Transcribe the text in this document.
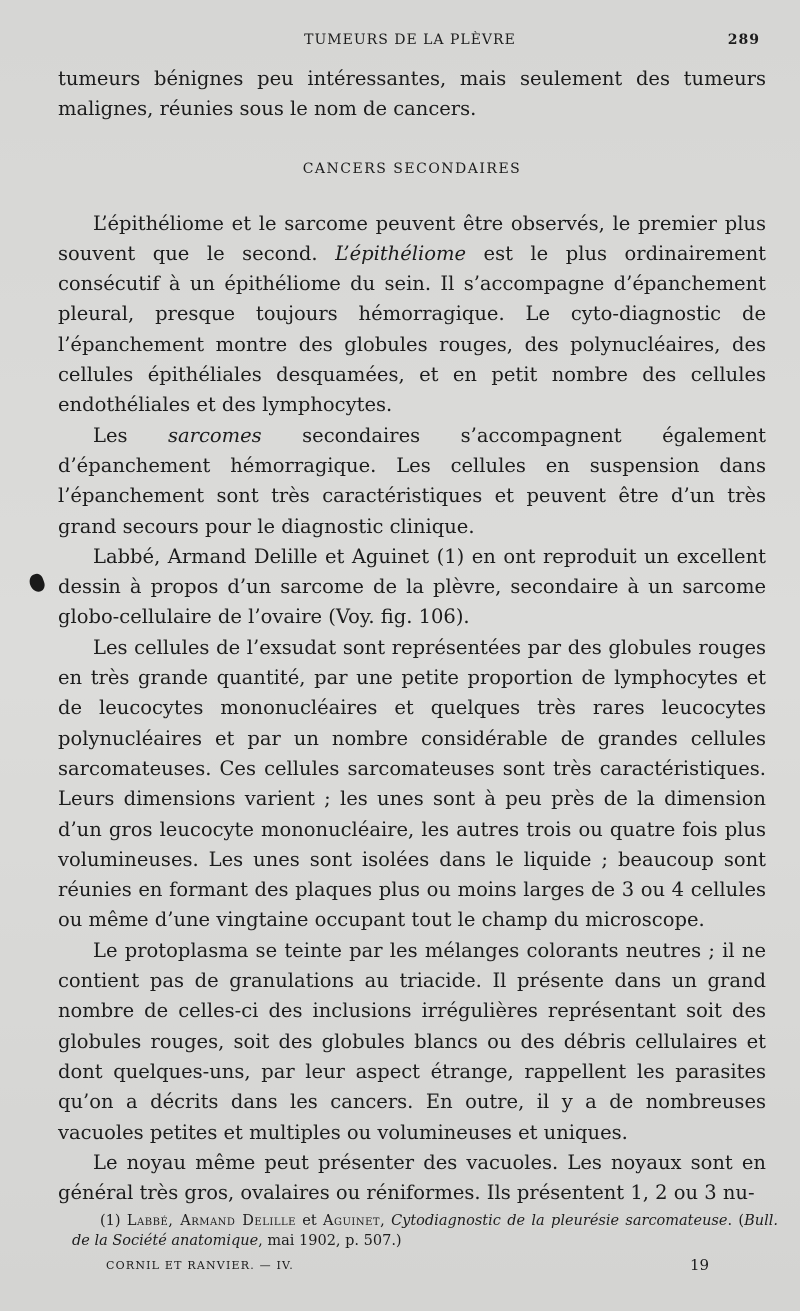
TUMEURS DE LA PLÈVRE	289

tumeurs bénignes peu intéressantes, mais seulement des tumeurs malignes, réunies sous le nom de cancers.

CANCERS SECONDAIRES

L’épithéliome et le sarcome peuvent être observés, le premier plus souvent que le second. L’épithéliome est le plus ordinairement consécutif à un épithéliome du sein. Il s’accompagne d’épanchement pleural, presque toujours hémorragique. Le cyto-diagnostic de l’épanchement montre des globules rouges, des polynucléaires, des cellules épithéliales desquamées, et en petit nombre des cellules endothéliales et des lymphocytes.

Les sarcomes secondaires s’accompagnent également d’épanchement hémorragique. Les cellules en suspension dans l’épanchement sont très caractéristiques et peuvent être d’un très grand secours pour le diagnostic clinique.

Labbé, Armand Delille et Aguinet (1) en ont reproduit un excellent dessin à propos d’un sarcome de la plèvre, secondaire à un sarcome globo-cellulaire de l’ovaire (Voy. fig. 106).

Les cellules de l’exsudat sont représentées par des globules rouges en très grande quantité, par une petite proportion de lymphocytes et de leucocytes mononucléaires et quelques très rares leucocytes polynucléaires et par un nombre considérable de grandes cellules sarcomateuses. Ces cellules sarcomateuses sont très caractéristiques. Leurs dimensions varient ; les unes sont à peu près de la dimension d’un gros leucocyte mononucléaire, les autres trois ou quatre fois plus volumineuses. Les unes sont isolées dans le liquide ; beaucoup sont réunies en formant des plaques plus ou moins larges de 3 ou 4 cellules ou même d’une vingtaine occupant tout le champ du microscope.

Le protoplasma se teinte par les mélanges colorants neutres ; il ne contient pas de granulations au triacide. Il présente dans un grand nombre de celles-ci des inclusions irrégulières représentant soit des globules rouges, soit des globules blancs ou des débris cellulaires et dont quelques-uns, par leur aspect étrange, rappellent les parasites qu’on a décrits dans les cancers. En outre, il y a de nombreuses vacuoles petites et multiples ou volumineuses et uniques.

Le noyau même peut présenter des vacuoles. Les noyaux sont en général très gros, ovalaires ou réniformes. Ils présentent 1, 2 ou 3 nu-

(1) Labbé, Armand Delille et Aguinet, Cytodiagnostic de la pleurésie sarcomateuse. (Bull. de la Société anatomique, mai 1902, p. 507.)

CORNIL ET RANVIER. — IV.	19
